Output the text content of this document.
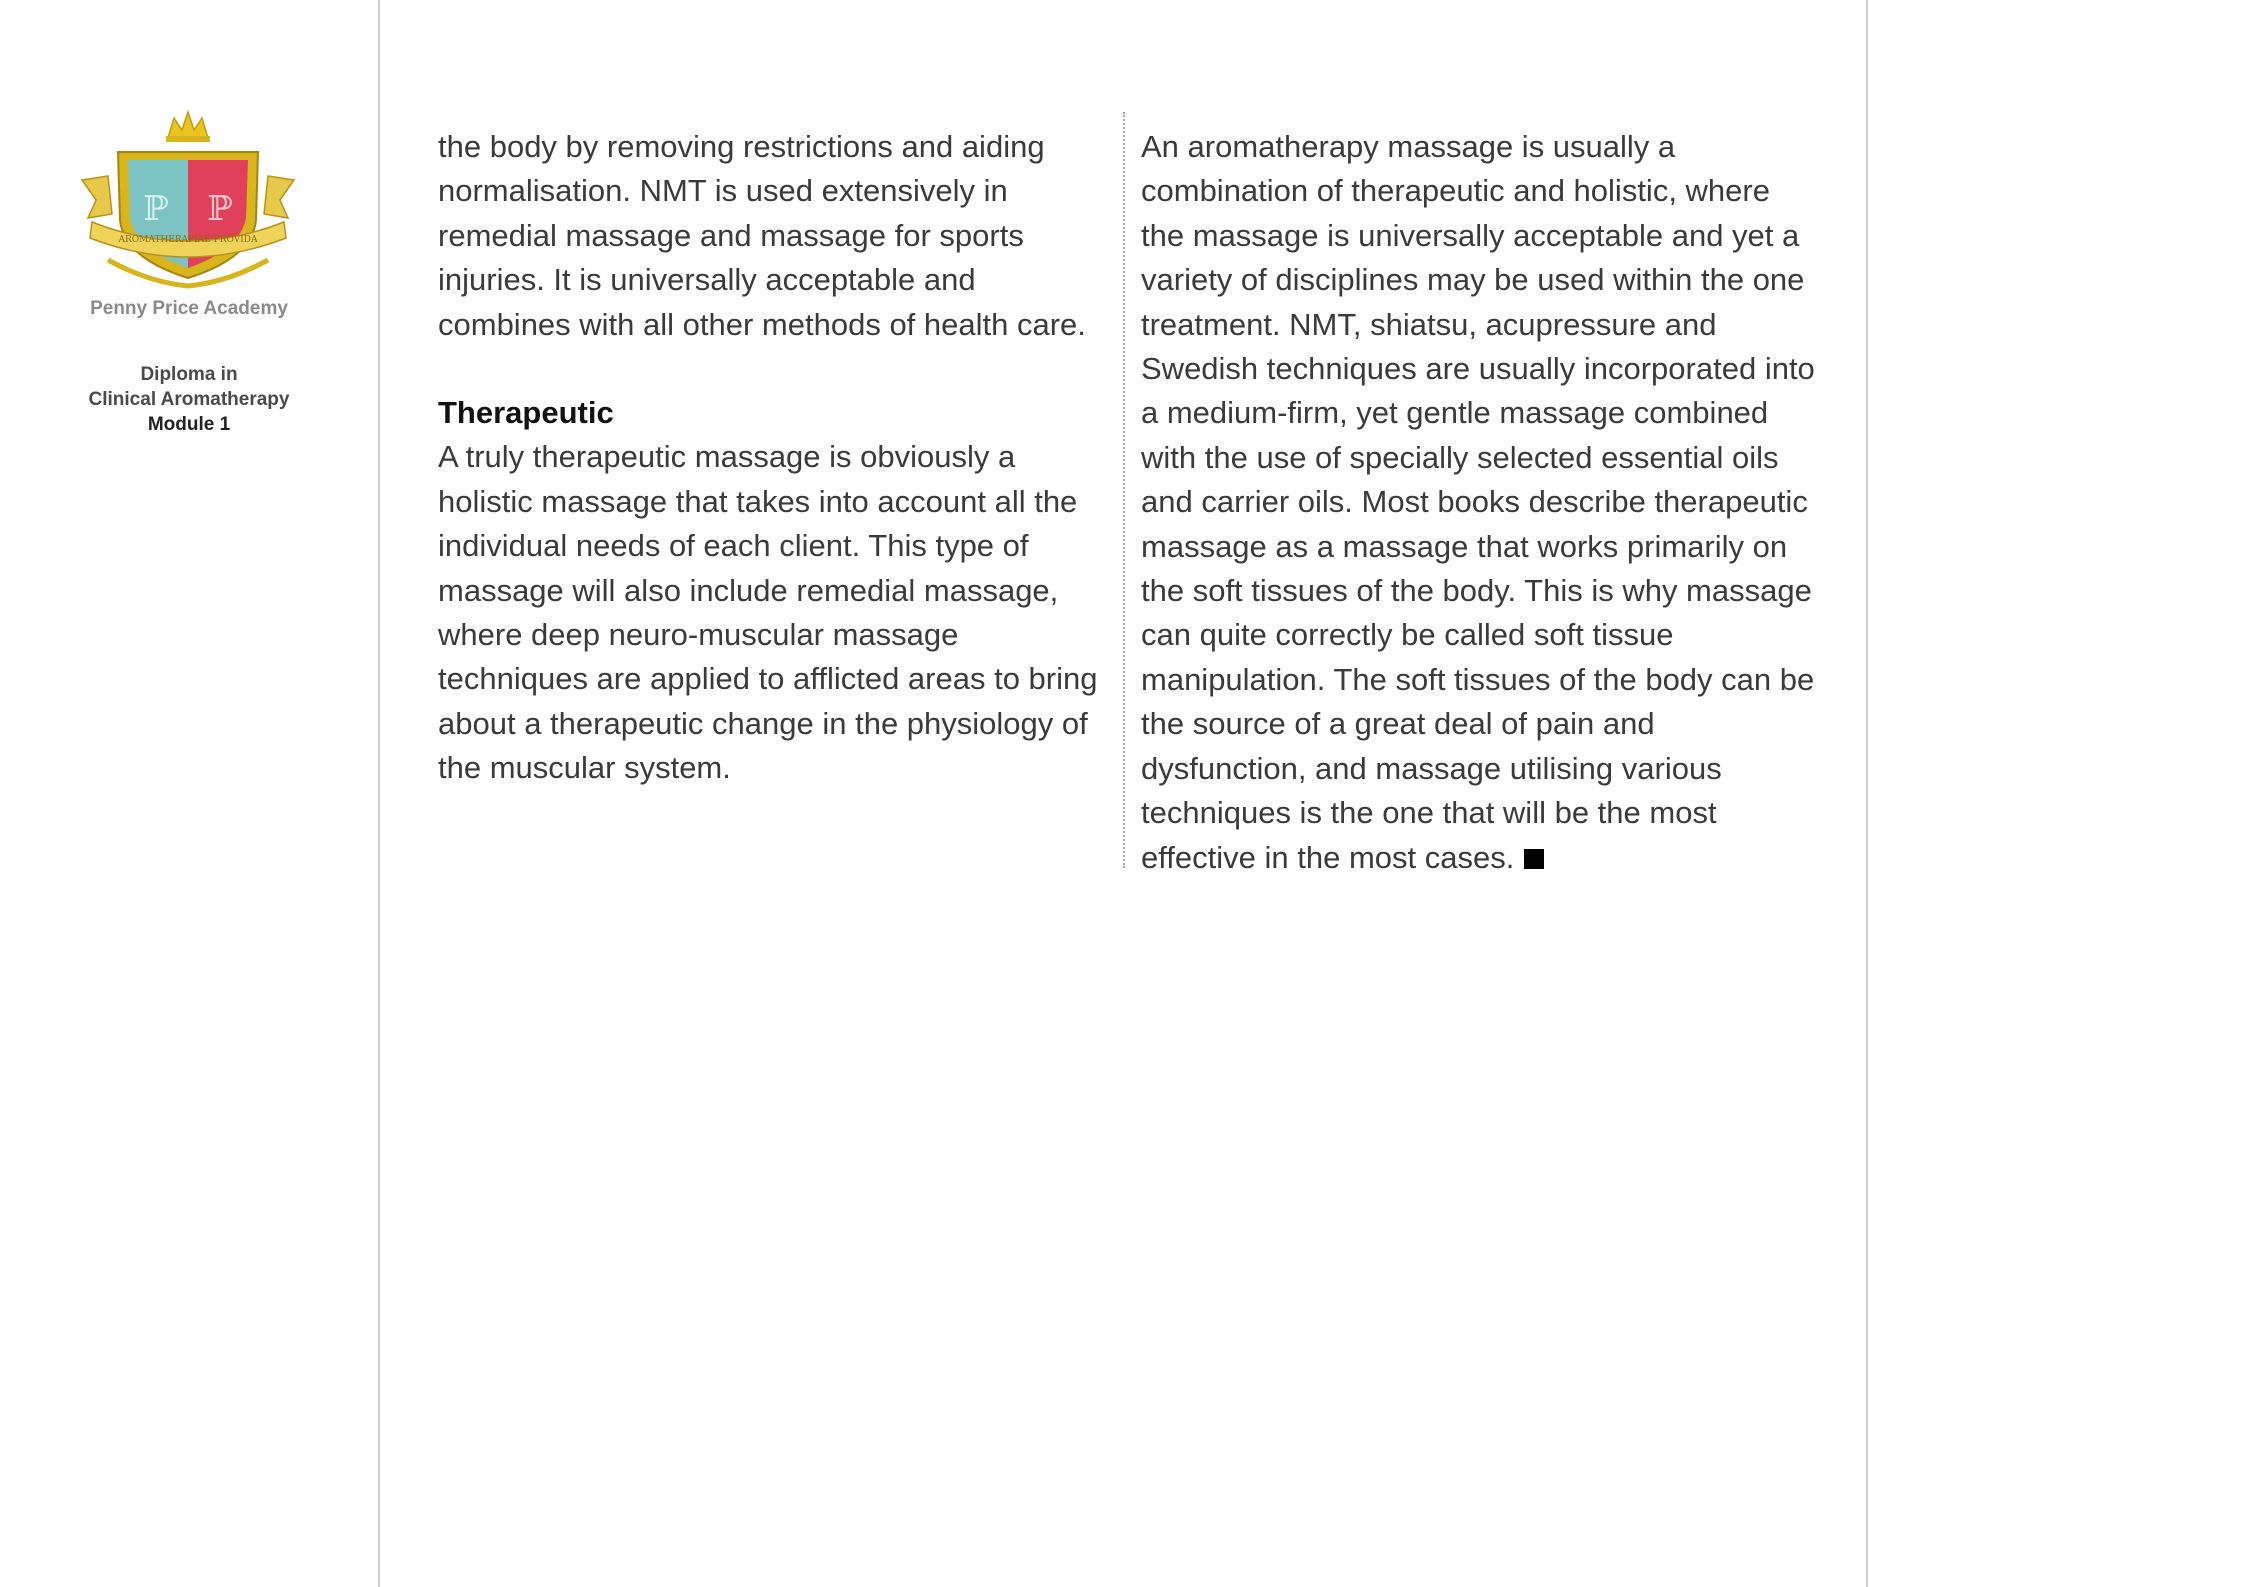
ℙ ℙ
AROMATHERAPIAE PROVIDA
Penny Price Academy
Diploma in
Clinical Aromatherapy
Module 1

the body by removing restrictions and aiding normalisation. NMT is used extensively in remedial massage and massage for sports injuries. It is universally acceptable and combines with all other methods of health care.

Therapeutic

A truly therapeutic massage is obviously a holistic massage that takes into account all the individual needs of each client. This type of massage will also include remedial massage, where deep neuro-muscular massage techniques are applied to afflicted areas to bring about a therapeutic change in the physiology of the muscular system.

An aromatherapy massage is usually a combination of therapeutic and holistic, where the massage is universally acceptable and yet a variety of disciplines may be used within the one treatment. NMT, shiatsu, acupressure and Swedish techniques are usually incorporated into a medium-firm, yet gentle massage combined with the use of specially selected essential oils and carrier oils. Most books describe therapeutic massage as a massage that works primarily on the soft tissues of the body. This is why massage can quite correctly be called soft tissue manipulation. The soft tissues of the body can be the source of a great deal of pain and dysfunction, and massage utilising various techniques is the one that will be the most effective in the most cases.
